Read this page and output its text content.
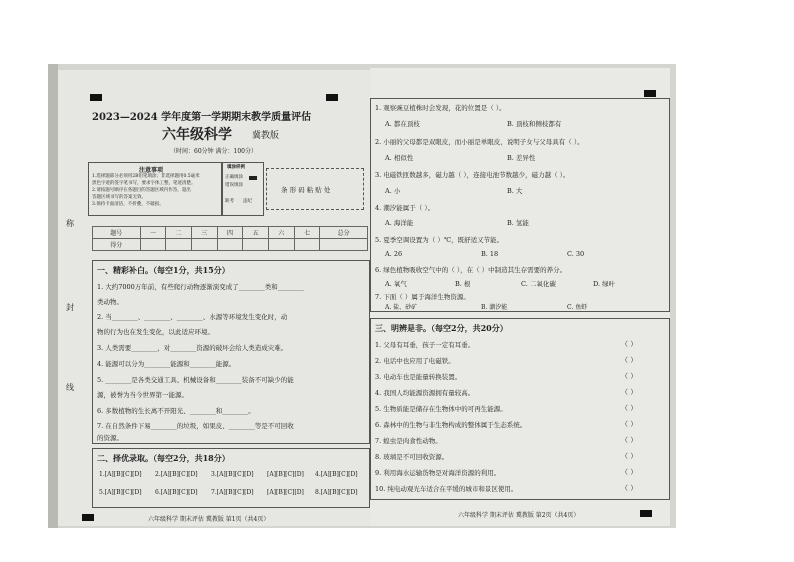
2023—2024 学年度第一学期期末教学质量评估
六年级科学 冀教版
（时间：60分钟 满分：100分）
称
封
线
注意事项
1.选择题部分必须用2B铅笔填涂；非选择题用0.5毫米
黑色字迹的签字笔书写，要求字体工整，笔迹清楚。
2.请按题号顺序在各题目的答题区域内作答，超出
答题区域书写的答案无效。
3.保持卡面清洁，不折叠，不破损。
填涂样例
正确填涂
错误填涂
缺考 违纪
条 形 码 粘 贴 处
题号	一	二	三	四	五	六	七	总分
得分								
一、精彩补白。（每空1分，共15分）
1. 大约7000万年前，有些爬行动物逐渐演变成了________类和________
类动物。
2. 当________、________、________、水源等环境发生变化时，动
物的行为也在发生变化，以此适应环境。
3. 人类需要________，对________资源的破坏会给人类造成灾难。
4. 能源可以分为________能源和________能源。
5. ________是各类交通工具、机械设备和________装备不可缺少的能
源，被誉为当今世界第一能源。
6. 多数植物的生长离不开阳光、________和________。
7. 在自然条件下易________的垃圾，如果皮、________等是不可回收
的资源。
二、择优录取。（每空2分，共18分）
1.[A][B][C][D] 2.[A][B][C][D] 3.[A][B][C][D] [A][B][C][D] 4.[A][B][C][D]
5.[A][B][C][D] 6.[A][B][C][D] 7.[A][B][C][D] [A][B][C][D] 8.[A][B][C][D]
六年级科学 期末评估 冀教版 第1页（共4页）
1. 观察豌豆植株时会发现，花的位置是（ ）。
A. 都在顶枝	B. 顶枝和侧枝都有
2. 小丽的父母都是双眼皮，而小丽是单眼皮，说明子女与父母具有（ ）。
A. 相似性	B. 差异性
3. 电磁铁匝数越多，磁力越（ ），连接电池节数越少，磁力越（ ）。
A. 小	B. 大
4. 潮汐能属于（ ）。
A. 海洋能	B. 氢能
5. 夏季空调设置为（ ）℃，既舒适又节能。
A. 26	B. 18	C. 30
6. 绿色植物吸收空气中的（ ），在（ ）中制造其生存需要的养分。
A. 氧气	B. 根	C. 二氧化碳	D. 绿叶
7. 下面（ ）属于海洋生物资源。
A. 盐、砂矿	B. 潮汐能	C. 鱼虾
三、明辨是非。（每空2分，共20分）
1. 父母有耳垂，孩子一定有耳垂。	（ ）
2. 电话中也应用了电磁铁。	（ ）
3. 电动车也是能量转换装置。	（ ）
4. 我国人均能源资源拥有量较高。	（ ）
5. 生物质能是储存在生物体中的可再生能源。	（ ）
6. 森林中的生物与非生物构成的整体属于生态系统。	（ ）
7. 蝗虫是肉食性动物。	（ ）
8. 玻璃是不可回收资源。	（ ）
9. 利用海水运输货物是对海洋资源的利用。	（ ）
10. 纯电动观光车适合在平缓的城市和景区使用。	（ ）
六年级科学 期末评估 冀教版 第2页（共4页）
